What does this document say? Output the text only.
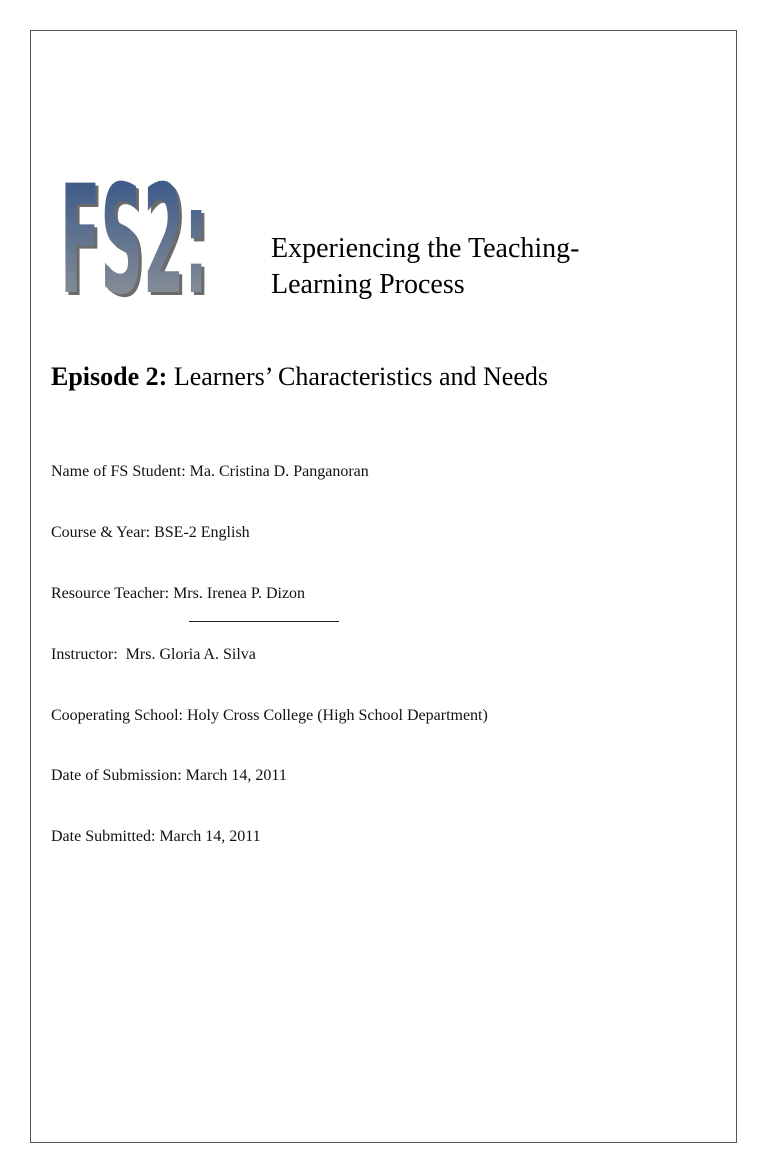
FS2:
FS2: Experiencing the Teaching-
Learning Process
Episode 2: Learners’ Characteristics and Needs
Name of FS Student: Ma. Cristina D. Panganoran
Course & Year: BSE-2 English
Resource Teacher: Mrs. Irenea P. Dizon
Instructor: Mrs. Gloria A. Silva
Cooperating School: Holy Cross College (High School Department)
Date of Submission: March 14, 2011
Date Submitted: March 14, 2011
